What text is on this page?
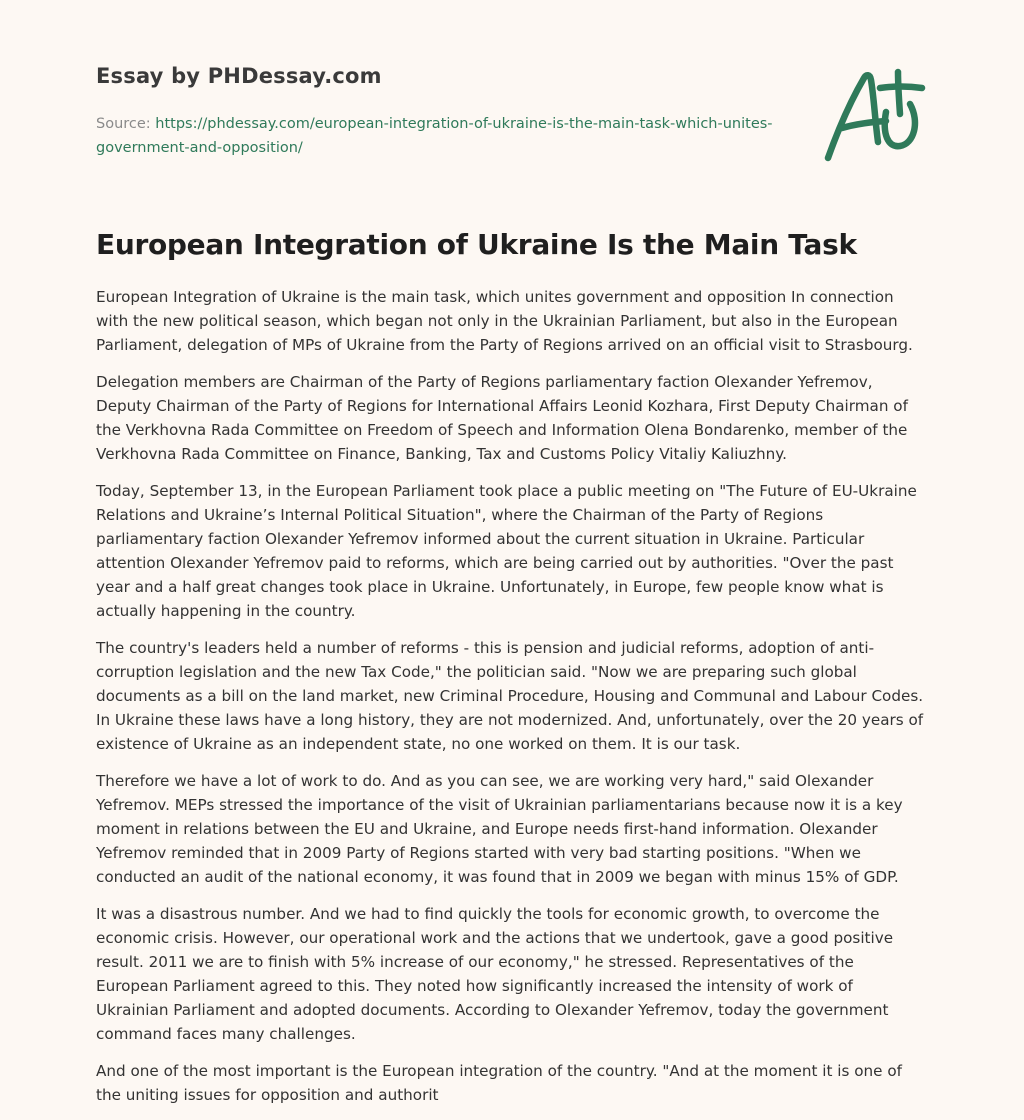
Essay by PHDessay.com
Source: https://phdessay.com/european-integration-of-ukraine-is-the-main-task-which-unites-government-and-opposition/
European Integration of Ukraine Is the Main Task

European Integration of Ukraine is the main task, which unites government and opposition In connection with the new political season, which began not only in the Ukrainian Parliament, but also in the European Parliament, delegation of MPs of Ukraine from the Party of Regions arrived on an official visit to Strasbourg.

Delegation members are Chairman of the Party of Regions parliamentary faction Olexander Yefremov, Deputy Chairman of the Party of Regions for International Affairs Leonid Kozhara, First Deputy Chairman of the Verkhovna Rada Committee on Freedom of Speech and Information Olena Bondarenko, member of the Verkhovna Rada Committee on Finance, Banking, Tax and Customs Policy Vitaliy Kaliuzhny.

Today, September 13, in the European Parliament took place a public meeting on "The Future of EU-Ukraine Relations and Ukraine’s Internal Political Situation", where the Chairman of the Party of Regions parliamentary faction Olexander Yefremov informed about the current situation in Ukraine. Particular attention Olexander Yefremov paid to reforms, which are being carried out by authorities. "Over the past year and a half great changes took place in Ukraine. Unfortunately, in Europe, few people know what is actually happening in the country.

The country's leaders held a number of reforms - this is pension and judicial reforms, adoption of anti-corruption legislation and the new Tax Code," the politician said. "Now we are preparing such global documents as a bill on the land market, new Criminal Procedure, Housing and Communal and Labour Codes. In Ukraine these laws have a long history, they are not modernized. And, unfortunately, over the 20 years of existence of Ukraine as an independent state, no one worked on them. It is our task.

Therefore we have a lot of work to do. And as you can see, we are working very hard," said Olexander Yefremov. MEPs stressed the importance of the visit of Ukrainian parliamentarians because now it is a key moment in relations between the EU and Ukraine, and Europe needs first-hand information. Olexander Yefremov reminded that in 2009 Party of Regions started with very bad starting positions. "When we conducted an audit of the national economy, it was found that in 2009 we began with minus 15% of GDP.

It was a disastrous number. And we had to find quickly the tools for economic growth, to overcome the economic crisis. However, our operational work and the actions that we undertook, gave a good positive result. 2011 we are to finish with 5% increase of our economy," he stressed. Representatives of the European Parliament agreed to this. They noted how significantly increased the intensity of work of Ukrainian Parliament and adopted documents. According to Olexander Yefremov, today the government command faces many challenges.

And one of the most important is the European integration of the country. "And at the moment it is one of the uniting issues for opposition and authorit
